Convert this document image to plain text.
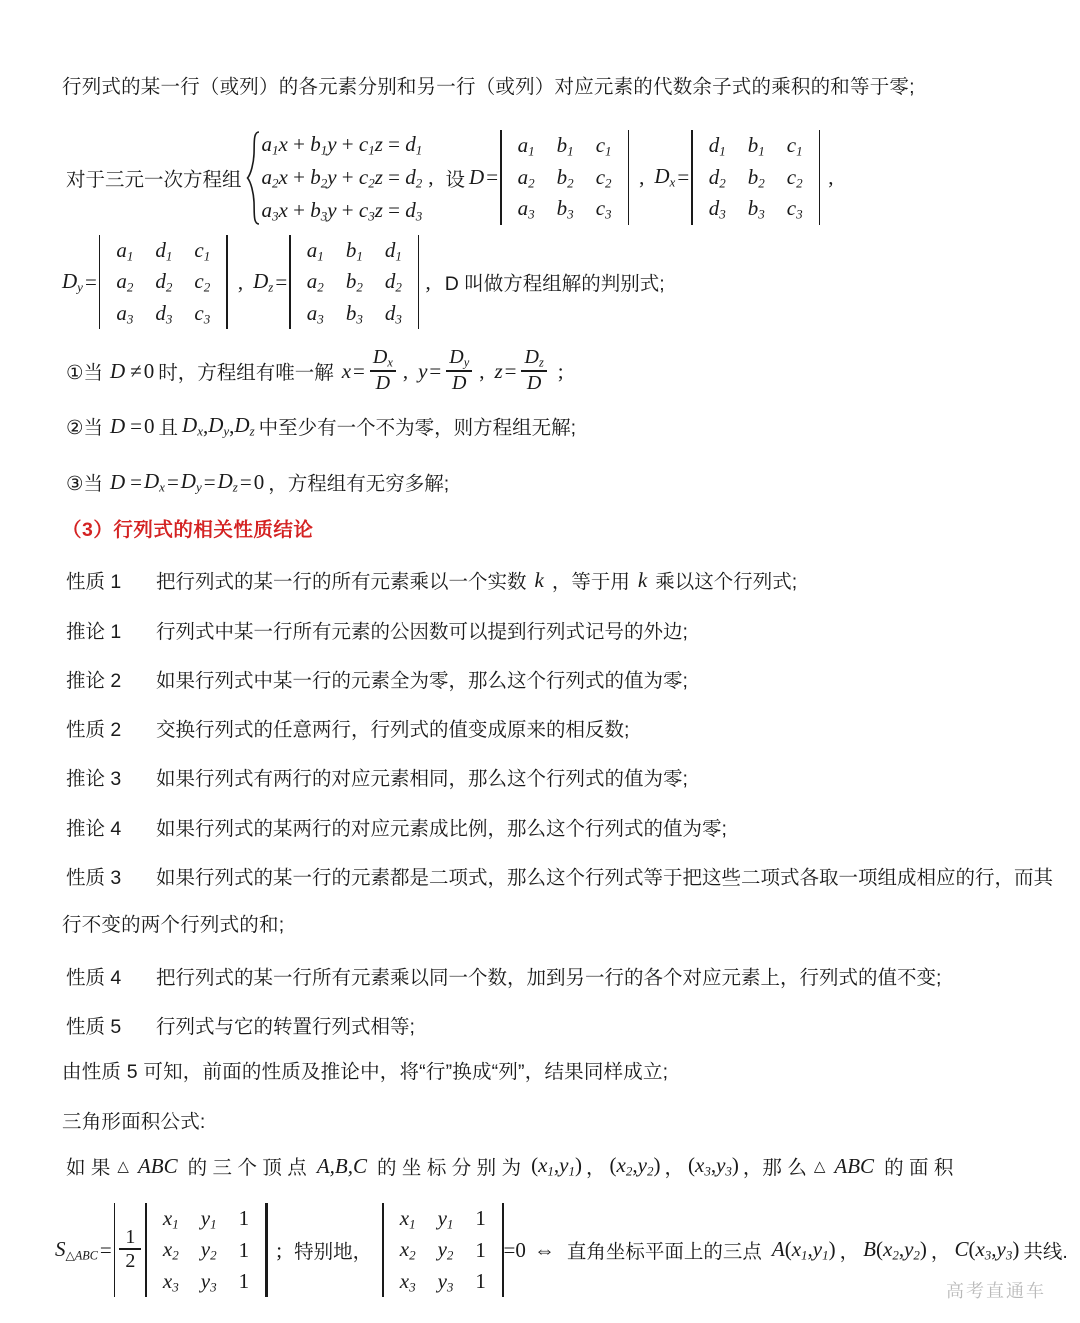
行列式的某一行（或列）的各元素分别和另一行（或列）对应元素的代数余子式的乘积的和等于零;
对于三元一次方程组
$a_1x + b_1y + c_1z = d_1$
$a_2x + b_2y + c_2z = d_2$
$a_3x + b_3y + c_3z = d_3$
, 设 D =
$a_1$	$b_1$	$c_1$
$a_2$	$b_2$	$c_2$
$a_3$	$b_3$	$c_3$
, $D_x$ =
$d_1$	$b_1$	$c_1$
$d_2$	$b_2$	$c_2$
$d_3$	$b_3$	$c_3$
,
$D_y$ =
$a_1$	$d_1$	$c_1$
$a_2$	$d_2$	$c_2$
$a_3$	$d_3$	$c_3$
, $D_z$ =
$a_1$	$b_1$	$d_1$
$a_2$	$b_2$	$d_2$
$a_3$	$b_3$	$d_3$
, D 叫做方程组解的判别式;
①当 D ≠ 0 时，方程组有唯一解 $x = \frac{D_x}{D}$ , $y = \frac{D_y}{D}$ , $z = \frac{D_z}{D}$ ;
②当 D = 0 且 $D_x$ , $D_y$ , $D_z$ 中至少有一个不为零，则方程组无解;
③当 $D = D_x = D_y = D_z = 0$ ，方程组有无穷多解;
（3）行列式的相关性质结论
性质 1	把行列式的某一行的所有元素乘以一个实数 k ，等于用 k 乘以这个行列式;
推论 1	行列式中某一行所有元素的公因数可以提到行列式记号的外边;
推论 2	如果行列式中某一行的元素全为零，那么这个行列式的值为零;
性质 2	交换行列式的任意两行，行列式的值变成原来的相反数;
推论 3	如果行列式有两行的对应元素相同，那么这个行列式的值为零;
推论 4	如果行列式的某两行的对应元素成比例，那么这个行列式的值为零;
性质 3	如果行列式的某一行的元素都是二项式，那么这个行列式等于把这些二项式各取一项组成相应的行，而其
行不变的两个行列式的和;
性质 4	把行列式的某一行所有元素乘以同一个数，加到另一行的各个对应元素上，行列式的值不变;
性质 5	行列式与它的转置行列式相等;
由性质 5 可知，前面的性质及推论中，将“行”换成“列”，结果同样成立;
三角形面积公式:
如 果 △ ABC 的 三 个 顶 点 A,B,C 的 坐 标 分 别 为 $(x_1,y_1)$ ， $(x_2,y_2)$ ， $(x_3,y_3)$ ，那 么 △ ABC 的 面 积
$S_{\triangle ABC} = \frac{1}{2}$
$x_1$	$y_1$	1
$x_2$	$y_2$	1
$x_3$	$y_3$	1
; 特别地，
$x_1$	$y_1$	1
$x_2$	$y_2$	1
$x_3$	$y_3$	1
=0 ⇔ 直角坐标平面上的三点 $A(x_1,y_1)$ ， $B(x_2,y_2)$ ， $C(x_3,y_3)$ 共线.
高考直通车
